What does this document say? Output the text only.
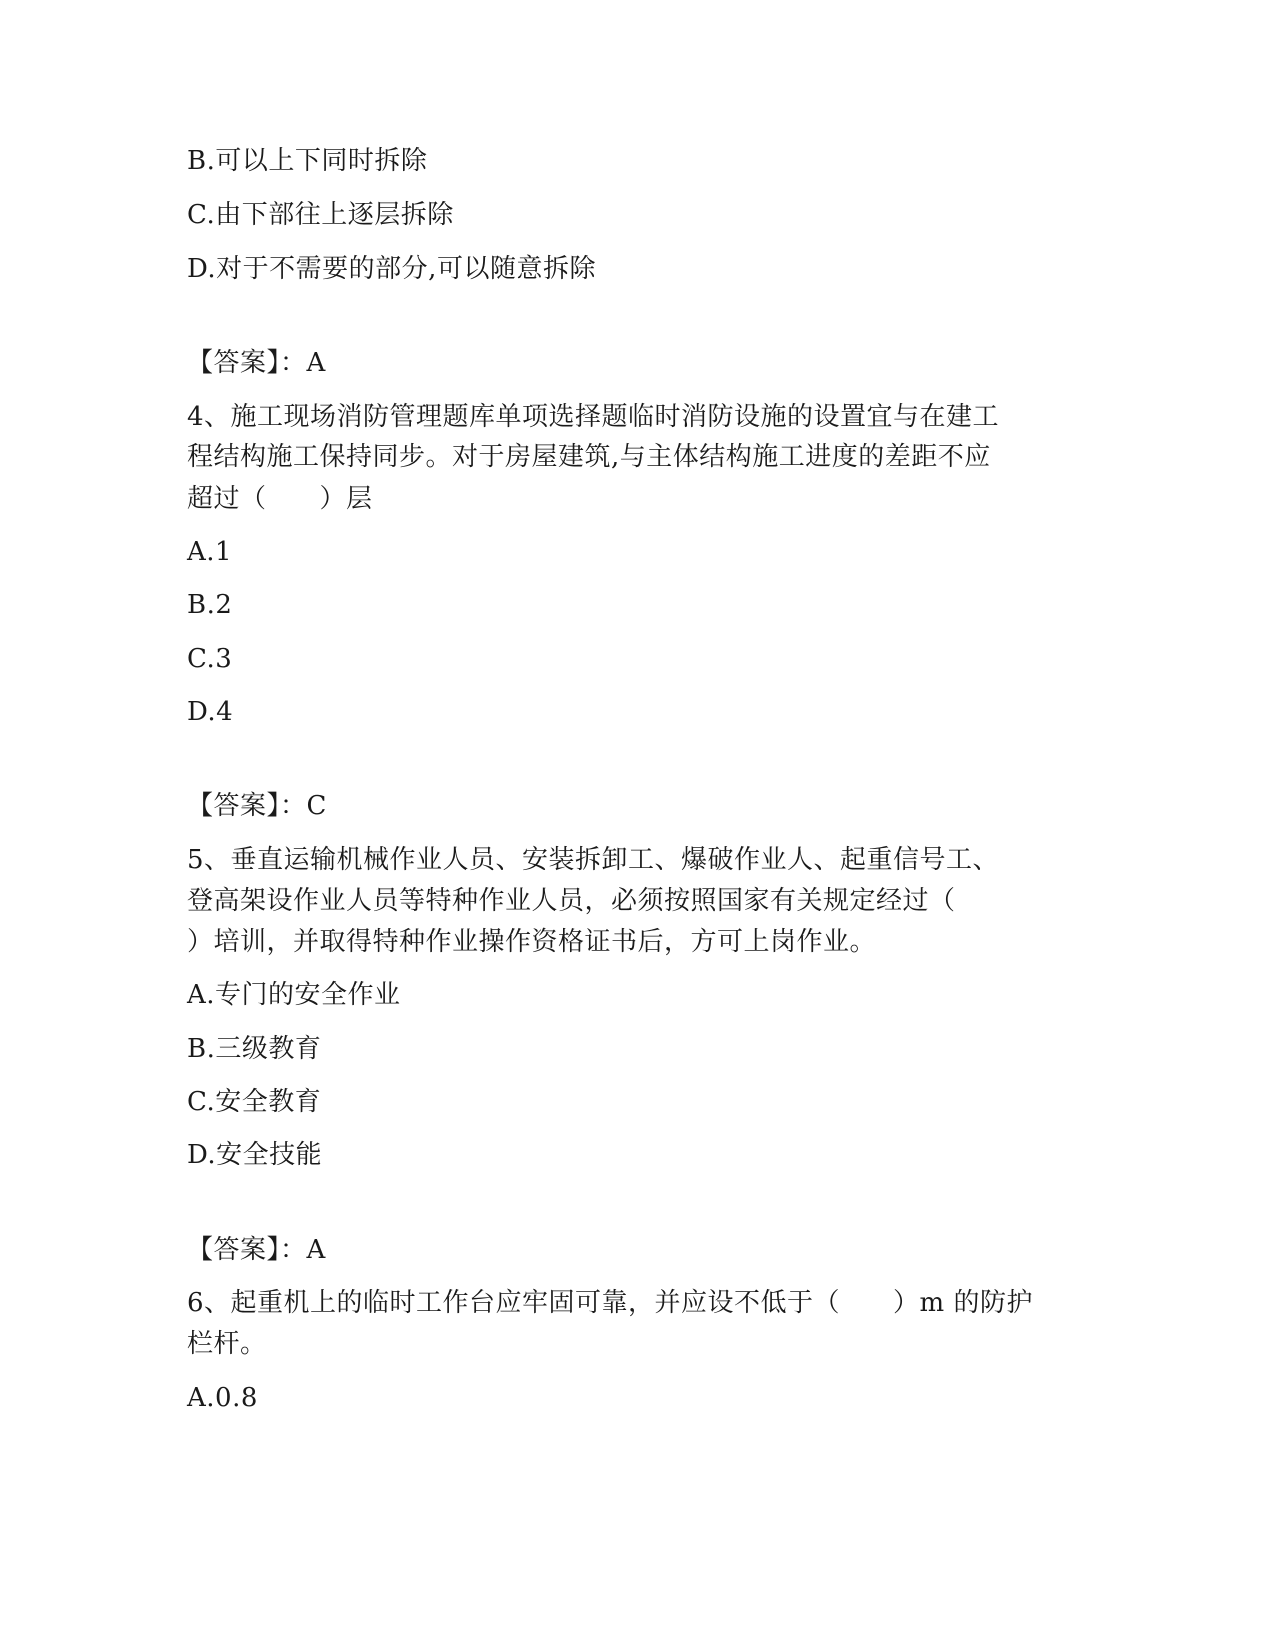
B.可以上下同时拆除
C.由下部往上逐层拆除
D.对于不需要的部分,可以随意拆除
【答案】：A
4、施工现场消防管理题库单项选择题临时消防设施的设置宜与在建工
程结构施工保持同步。对于房屋建筑,与主体结构施工进度的差距不应
超过（　　）层
A.1
B.2
C.3
D.4
【答案】：C
5、垂直运输机械作业人员、安装拆卸工、爆破作业人、起重信号工、
登高架设作业人员等特种作业人员，必须按照国家有关规定经过（
）培训，并取得特种作业操作资格证书后，方可上岗作业。
A.专门的安全作业
B.三级教育
C.安全教育
D.安全技能
【答案】：A
6、起重机上的临时工作台应牢固可靠，并应设不低于（　　）m 的防护
栏杆。
A.0.8
